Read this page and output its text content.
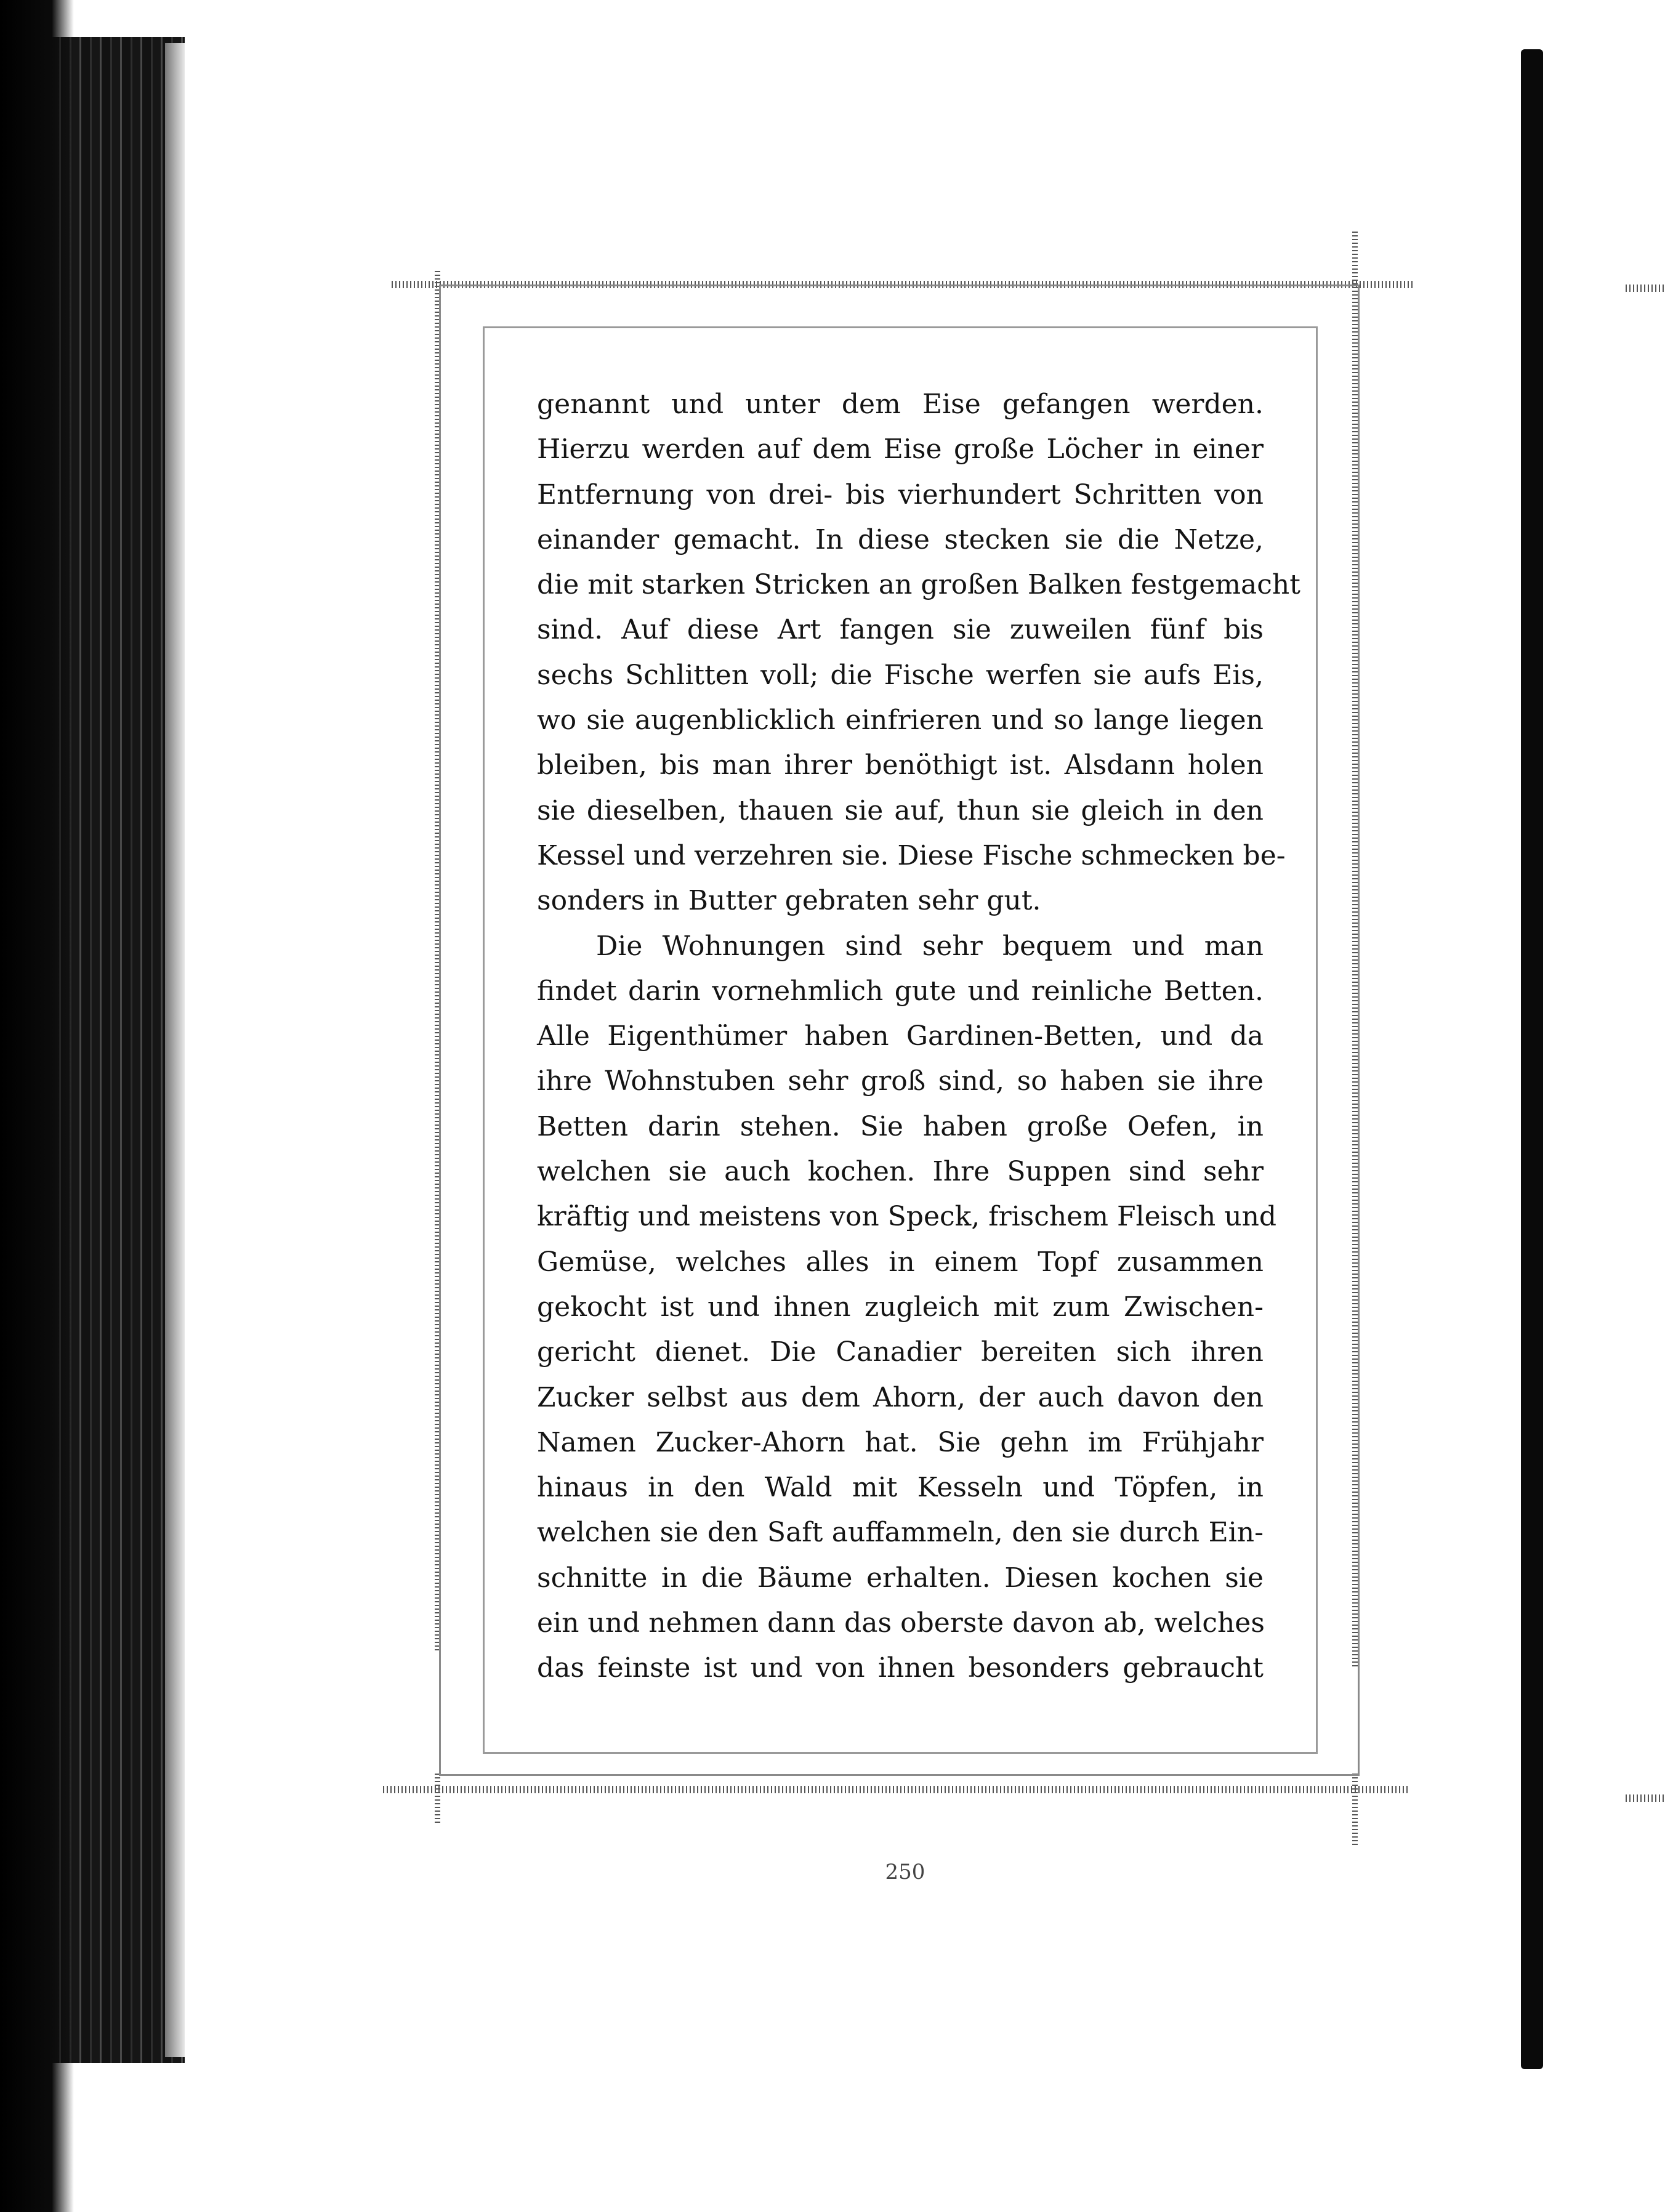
genannt und unter dem Eise gefangen werden.
Hierzu werden auf dem Eise große Löcher in einer
Entfernung von drei- bis vierhundert Schritten von
einander gemacht. In diese stecken sie die Netze,
die mit starken Stricken an großen Balken festgemacht
sind. Auf diese Art fangen sie zuweilen fünf bis
sechs Schlitten voll; die Fische werfen sie aufs Eis,
wo sie augenblicklich einfrieren und so lange liegen
bleiben, bis man ihrer benöthigt ist. Alsdann holen
sie dieselben, thauen sie auf, thun sie gleich in den
Kessel und verzehren sie. Diese Fische schmecken be-
sonders in Butter gebraten sehr gut.
Die Wohnungen sind sehr bequem und man
findet darin vornehmlich gute und reinliche Betten.
Alle Eigenthümer haben Gardinen-Betten, und da
ihre Wohnstuben sehr groß sind, so haben sie ihre
Betten darin stehen. Sie haben große Oefen, in
welchen sie auch kochen. Ihre Suppen sind sehr
kräftig und meistens von Speck, frischem Fleisch und
Gemüse, welches alles in einem Topf zusammen
gekocht ist und ihnen zugleich mit zum Zwischen-
gericht dienet. Die Canadier bereiten sich ihren
Zucker selbst aus dem Ahorn, der auch davon den
Namen Zucker-Ahorn hat. Sie gehn im Frühjahr
hinaus in den Wald mit Kesseln und Töpfen, in
welchen sie den Saft auffammeln, den sie durch Ein-
schnitte in die Bäume erhalten. Diesen kochen sie
ein und nehmen dann das oberste davon ab, welches
das feinste ist und von ihnen besonders gebraucht
250
